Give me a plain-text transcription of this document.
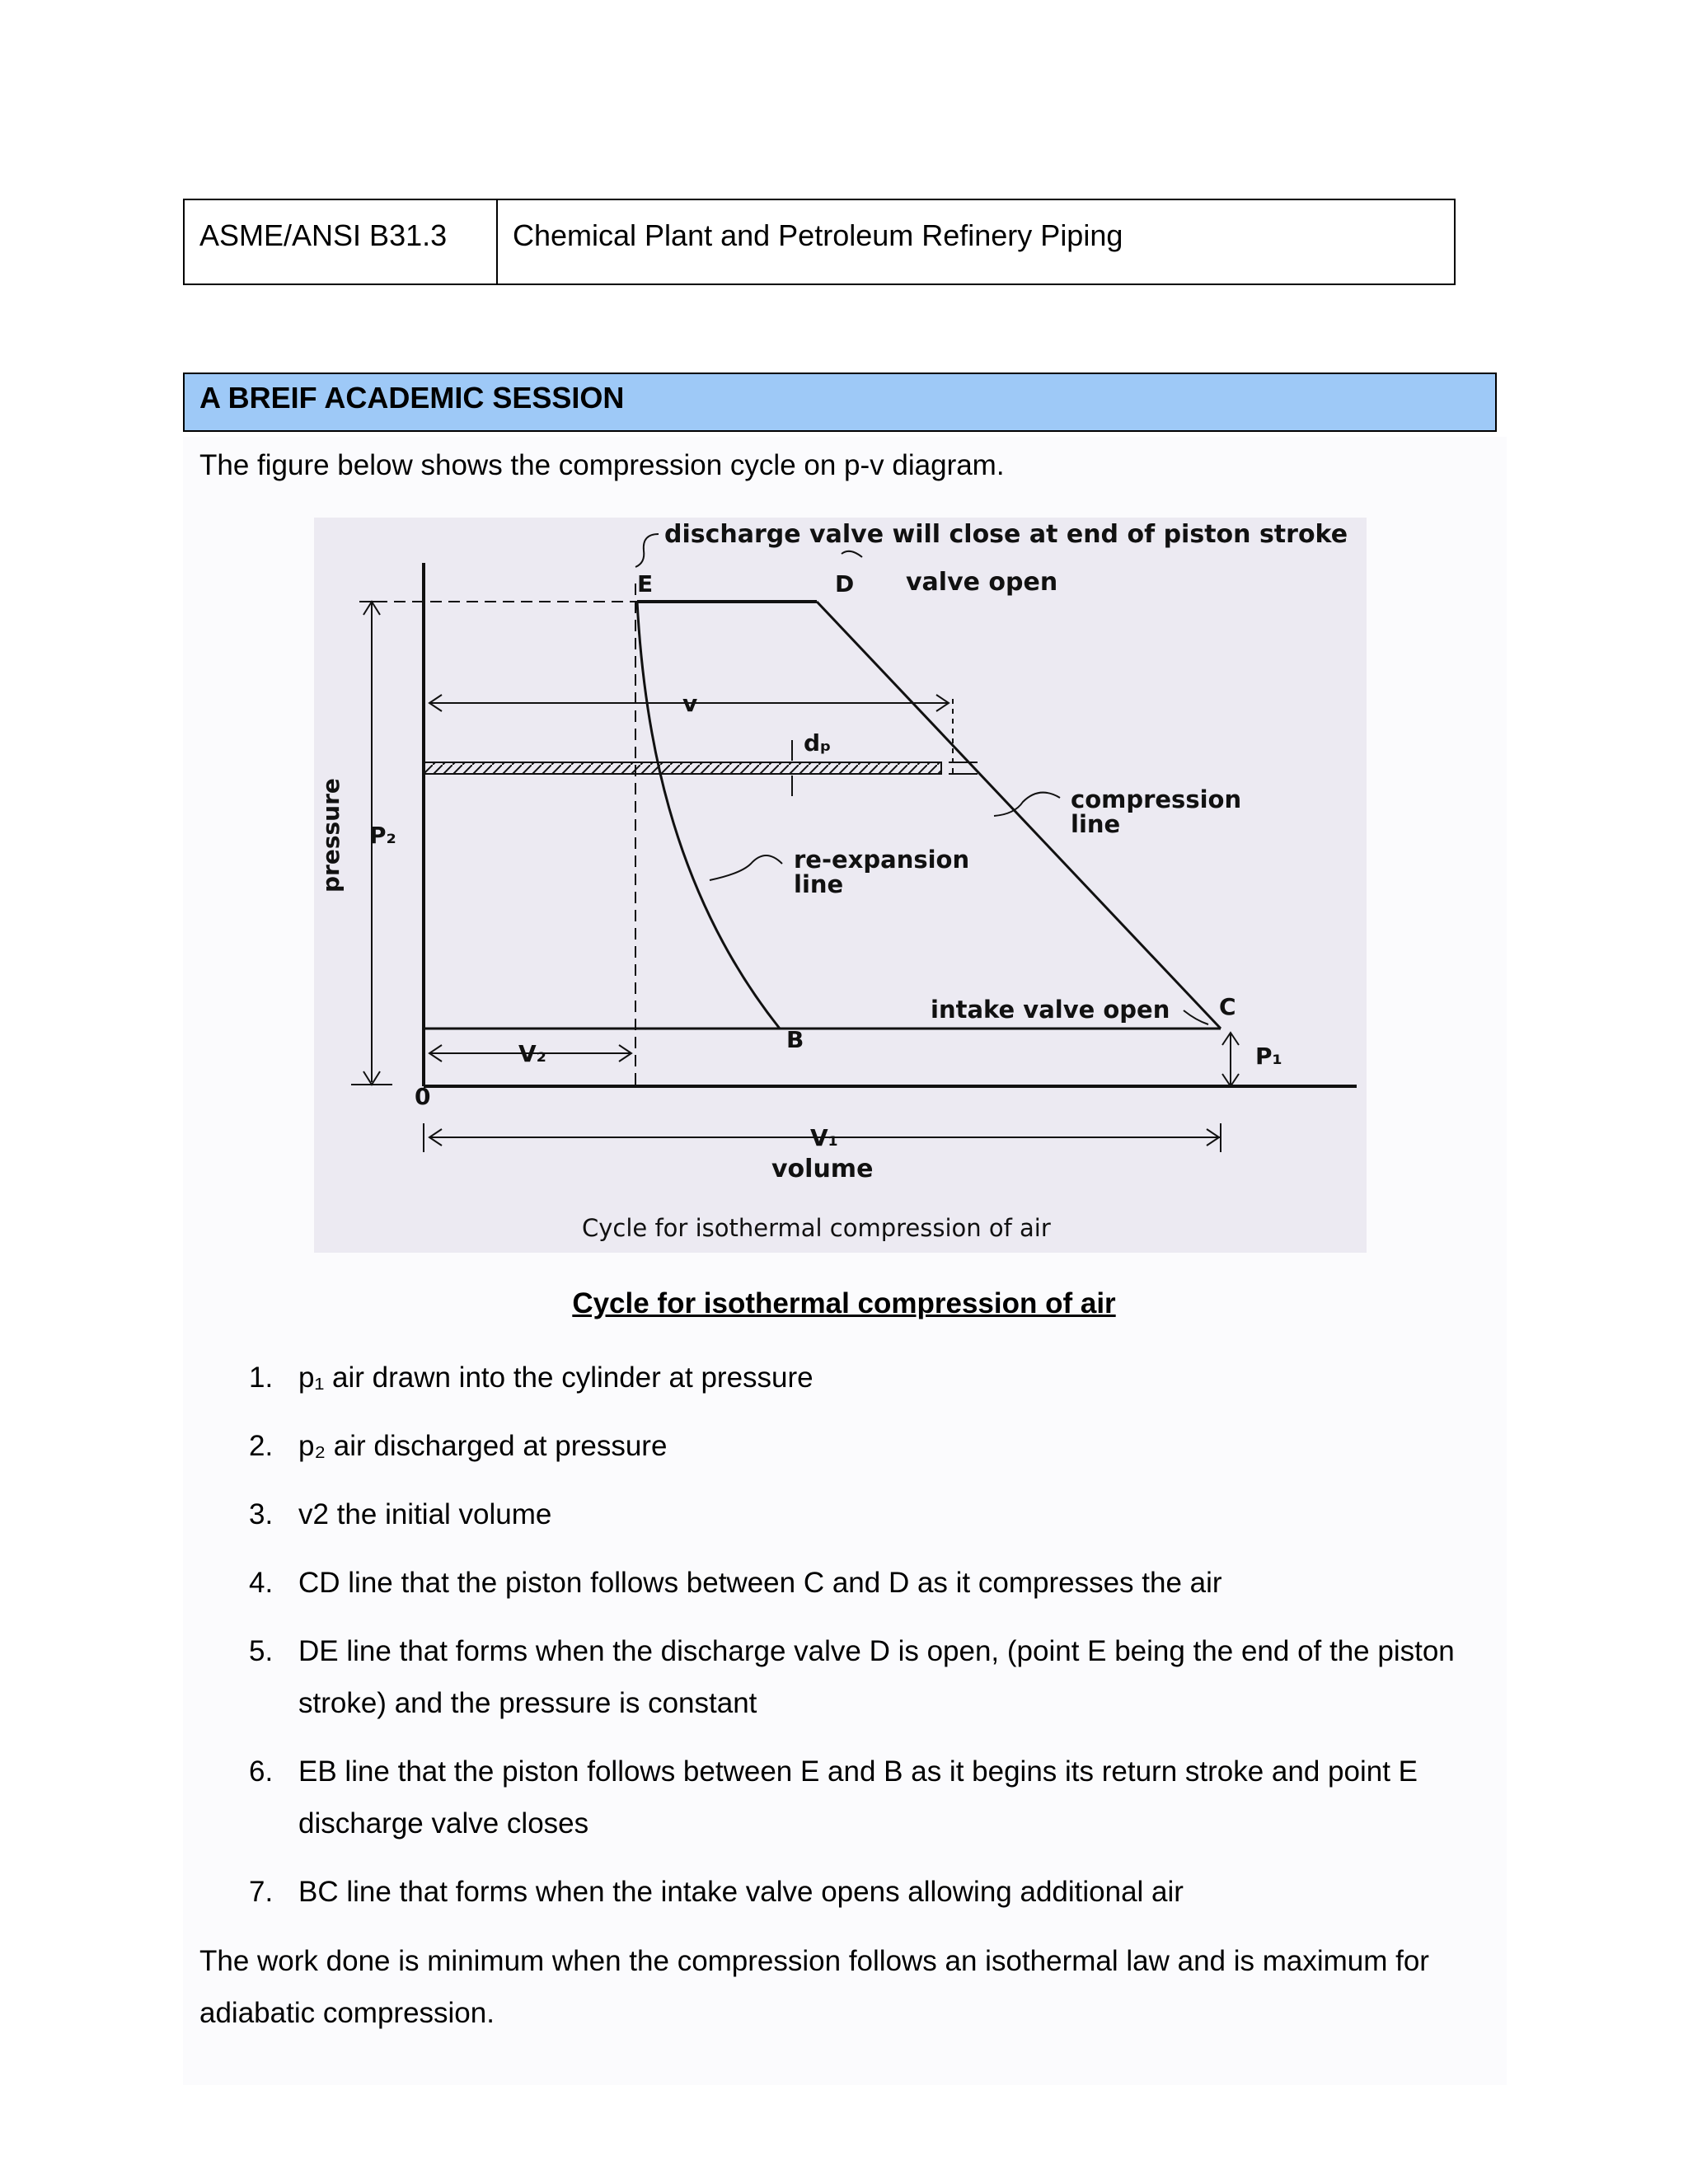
ASME/ANSI B31.3	Chemical Plant and Petroleum Refinery Piping
A BREIF ACADEMIC SESSION
The figure below shows the compression cycle on p-v diagram.
discharge valve will close at end of piston stroke
E	D valve open
v
dₚ
compression
line
re-expansion
line
intake valve open C
B
P₂
P₁
V₂
0
V₁
volume
pressure
Cycle for isothermal compression of air
Cycle for isothermal compression of air
1. p₁ air drawn into the cylinder at pressure
2. p₂ air discharged at pressure
3. v2 the initial volume
4. CD line that the piston follows between C and D as it compresses the air
5. DE line that forms when the discharge valve D is open, (point E being the end of the piston stroke) and the pressure is constant
6. EB line that the piston follows between E and B as it begins its return stroke and point E discharge valve closes
7. BC line that forms when the intake valve opens allowing additional air
The work done is minimum when the compression follows an isothermal law and is maximum for adiabatic compression.
